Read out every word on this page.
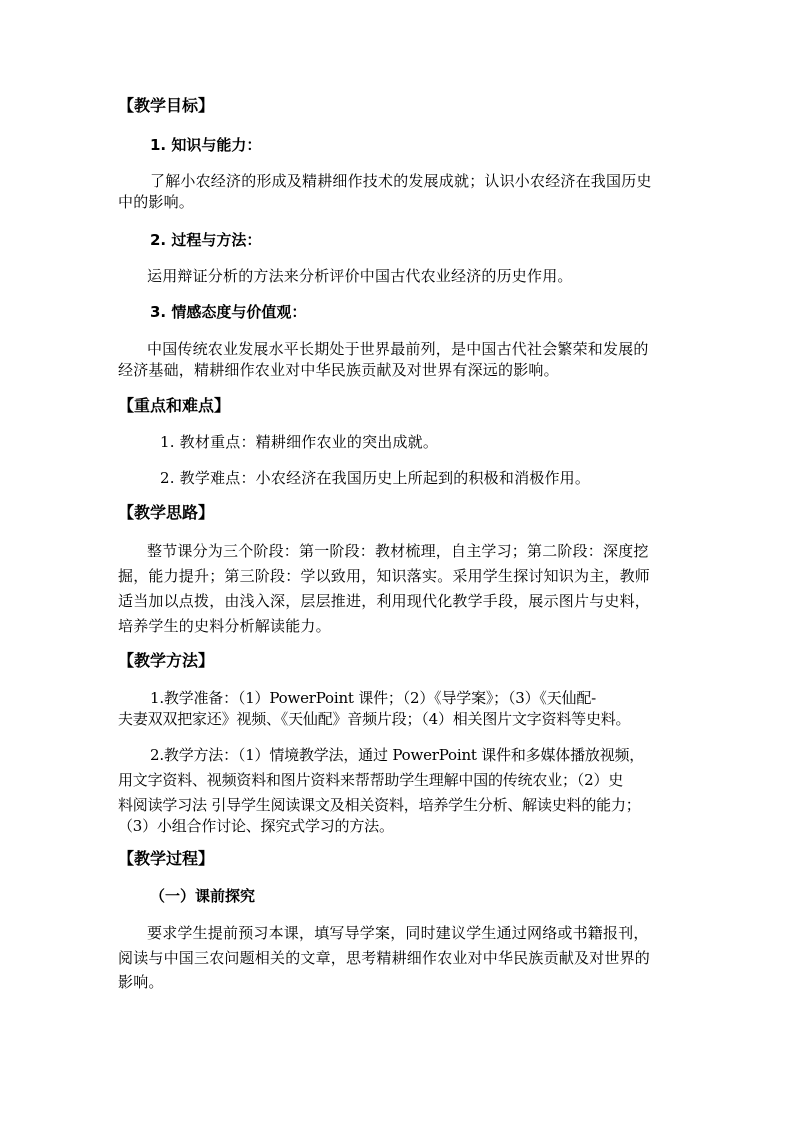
【教学目标】
1. 知识与能力：
了解小农经济的形成及精耕细作技术的发展成就；认识小农经济在我国历史
中的影响。
2. 过程与方法：
运用辩证分析的方法来分析评价中国古代农业经济的历史作用。
3. 情感态度与价值观：
中国传统农业发展水平长期处于世界最前列，是中国古代社会繁荣和发展的
经济基础，精耕细作农业对中华民族贡献及对世界有深远的影响。
【重点和难点】
1. 教材重点：精耕细作农业的突出成就。
2. 教学难点：小农经济在我国历史上所起到的积极和消极作用。
【教学思路】
整节课分为三个阶段：第一阶段：教材梳理，自主学习；第二阶段：深度挖
掘，能力提升；第三阶段：学以致用，知识落实。采用学生探讨知识为主，教师
适当加以点拨，由浅入深，层层推进，利用现代化教学手段，展示图片与史料，
培养学生的史料分析解读能力。
【教学方法】
1.教学准备：（1）PowerPoint 课件；（2）《导学案》；（3）《天仙配-
夫妻双双把家还》视频、《天仙配》音频片段；（4）相关图片文字资料等史料。
2.教学方法：（1）情境教学法，通过 PowerPoint 课件和多媒体播放视频，
用文字资料、视频资料和图片资料来帮帮助学生理解中国的传统农业；（2）史
料阅读学习法 引导学生阅读课文及相关资料，培养学生分析、解读史料的能力；
（3）小组合作讨论、探究式学习的方法。
【教学过程】
（一）课前探究
要求学生提前预习本课，填写导学案，同时建议学生通过网络或书籍报刊，
阅读与中国三农问题相关的文章，思考精耕细作农业对中华民族贡献及对世界的
影响。
